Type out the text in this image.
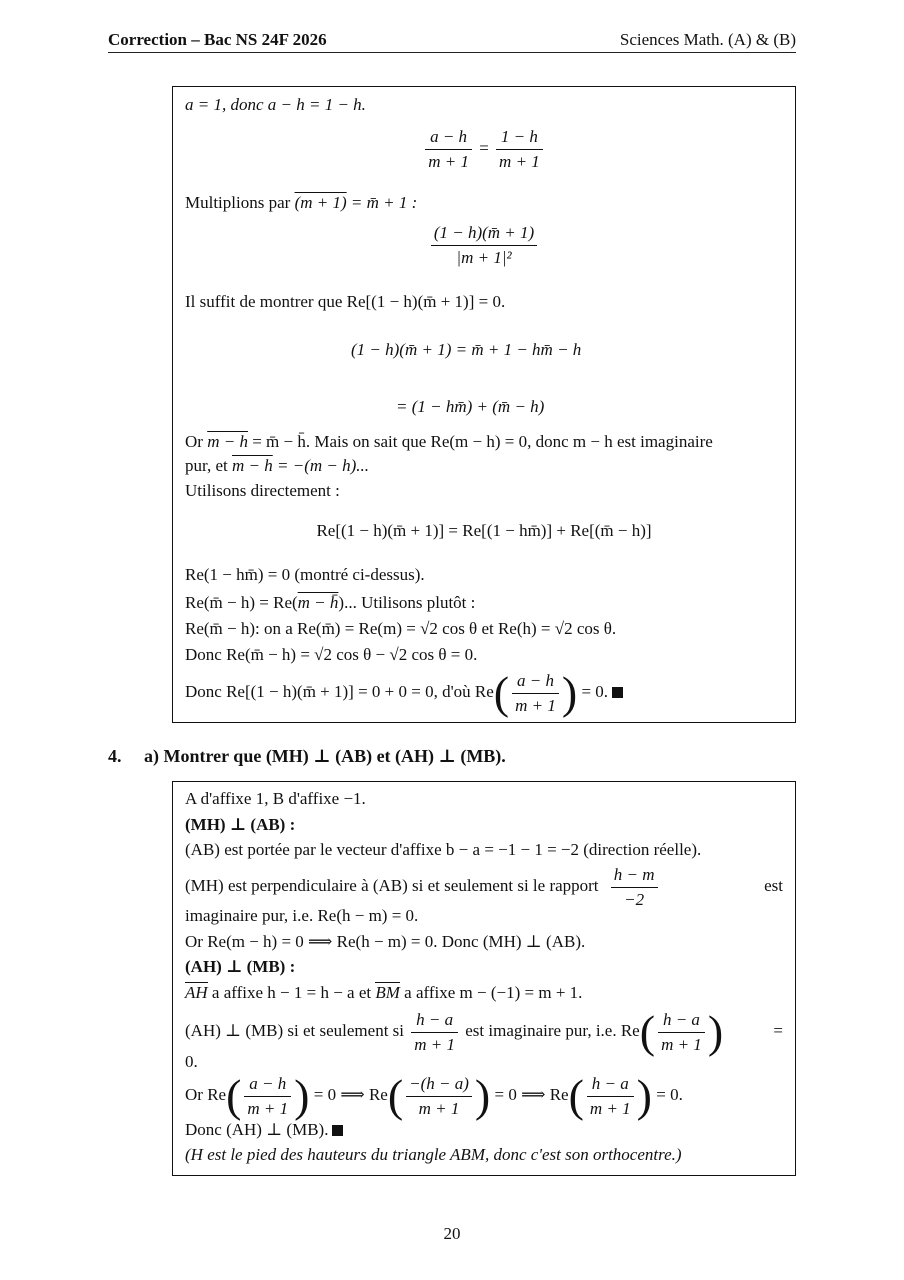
Correction – Bac NS 24F 2026	Sciences Math. (A) & (B)
a = 1, donc a − h = 1 − h.
$\frac{a - h}{m + 1} = \frac{1 - h}{m + 1}$
Multiplions par (m + 1) = m̄ + 1 :
$\frac{(1 - h)(m̄ + 1)}{\text{|m + 1|²}}$
Il suffit de montrer que Re[(1 − h)(m̄ + 1)] = 0.
(1 − h)(m̄ + 1) = m̄ + 1 − hm̄ − h
= (1 − hm̄) + (m̄ − h)
Or m − h = m̄ − h̄. Mais on sait que Re(m − h) = 0, donc m − h est imaginaire
pur, et m − h = −(m − h)...
Utilisons directement :
Re[(1 − h)(m̄ + 1)] = Re[(1 − hm̄)] + Re[(m̄ − h)]
Re(1 − hm̄) = 0 (montré ci-dessus).
Re(m̄ − h) = Re(m − h̄)... Utilisons plutôt :
Re(m̄ − h): on a Re(m̄) = Re(m) = √2 cos θ et Re(h) = √2 cos θ.
Donc Re(m̄ − h) = √2 cos θ − √2 cos θ = 0.
Donc Re[(1 − h)(m̄ + 1)] = 0 + 0 = 0, d'où $Re( \frac{a - h}{m + 1}$ ) = 0.
4. a) Montrer que (MH) ⊥ (AB) et (AH) ⊥ (MB).
A d'affixe 1, B d'affixe −1.
(MH) ⊥ (AB) :
(AB) est portée par le vecteur d'affixe b − a = −1 − 1 = −2 (direction réelle).
(MH) est perpendiculaire à (AB) si et seulement si le rapport $\frac{h - m}{-2}$	est
imaginaire pur, i.e. Re(h − m) = 0.
Or Re(m − h) = 0 ⟹ Re(h − m) = 0. Donc (MH) ⊥ (AB).
(AH) ⊥ (MB) :
AH a affixe h − 1 = h − a et BM a affixe m − (−1) = m + 1.
(AH) ⊥ (MB) si et seulement si $\frac{h - a}{m + 1}$ est imaginaire pur, i.e. $Re( \frac{h - a}{m + 1}$ )	=
0.
Or $Re( \frac{a - h}{m + 1}$ ) = 0 ⟹ $Re( \frac{-(h - a)}{m + 1}$ ) = 0 ⟹ $Re( \frac{h - a}{m + 1}$ ) = 0.
Donc (AH) ⊥ (MB).
(H est le pied des hauteurs du triangle ABM, donc c'est son orthocentre.)
20
